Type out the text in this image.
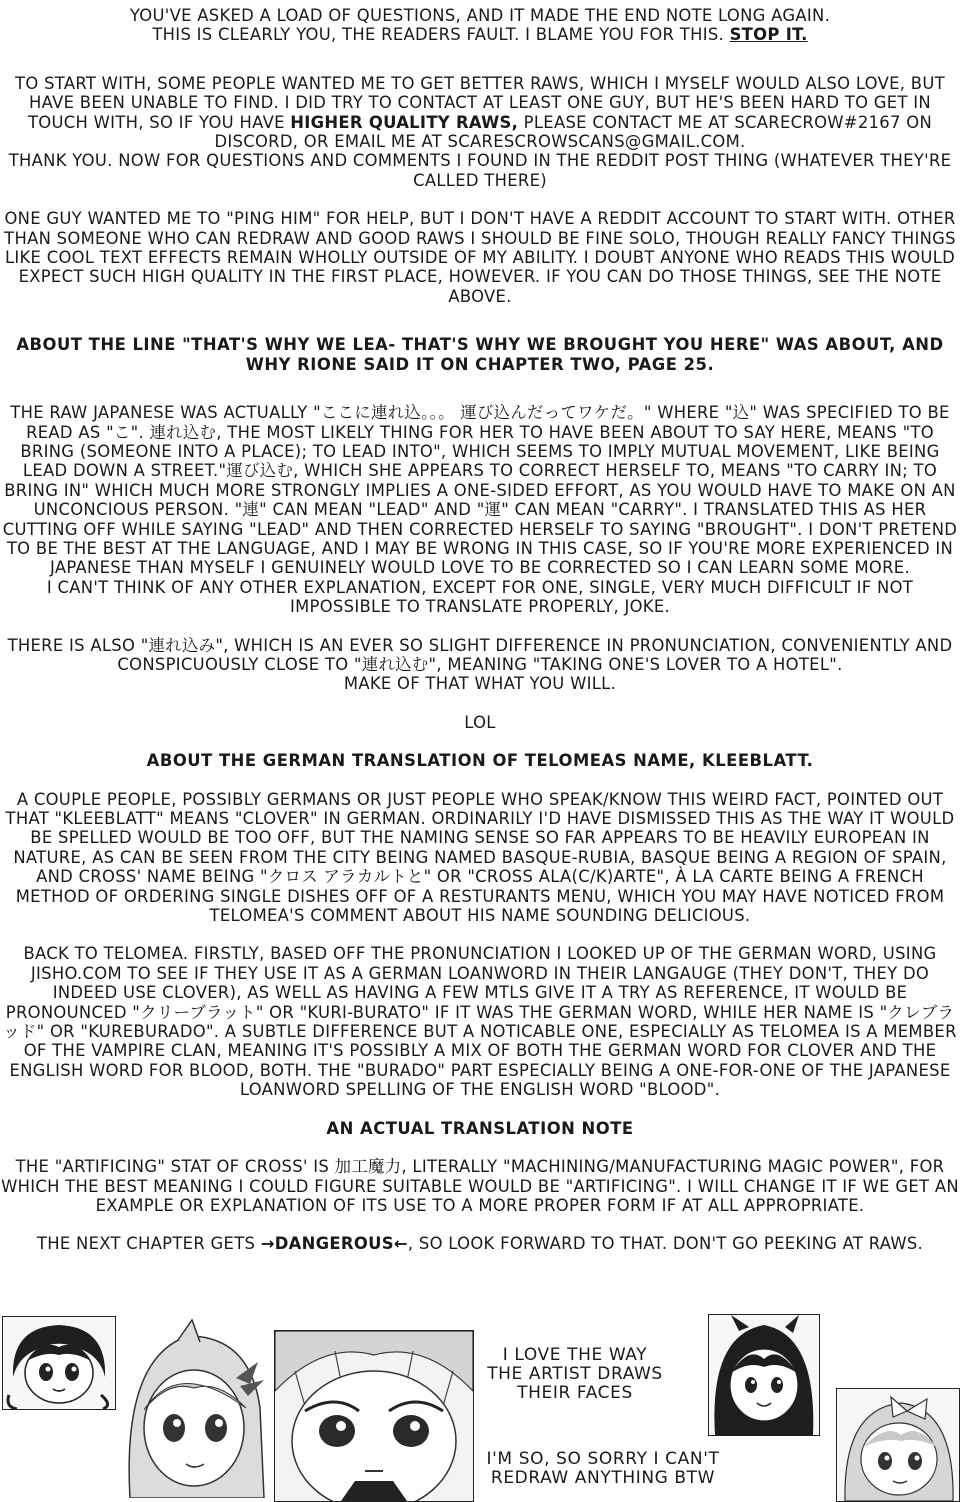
YOU'VE ASKED A LOAD OF QUESTIONS, AND IT MADE THE END NOTE LONG AGAIN.

THIS IS CLEARLY YOU, THE READERS FAULT. I BLAME YOU FOR THIS. STOP IT.

TO START WITH, SOME PEOPLE WANTED ME TO GET BETTER RAWS, WHICH I MYSELF WOULD ALSO LOVE, BUT HAVE BEEN UNABLE TO FIND. I DID TRY TO CONTACT AT LEAST ONE GUY, BUT HE'S BEEN HARD TO GET IN TOUCH WITH, SO IF YOU HAVE HIGHER QUALITY RAWS, PLEASE CONTACT ME AT SCARECROW#2167 ON DISCORD, OR EMAIL ME AT SCARESCROWSCANS@GMAIL.COM.

THANK YOU. NOW FOR QUESTIONS AND COMMENTS I FOUND IN THE REDDIT POST THING (WHATEVER THEY'RE CALLED THERE)

ONE GUY WANTED ME TO "PING HIM" FOR HELP, BUT I DON'T HAVE A REDDIT ACCOUNT TO START WITH. OTHER THAN SOMEONE WHO CAN REDRAW AND GOOD RAWS I SHOULD BE FINE SOLO, THOUGH REALLY FANCY THINGS LIKE COOL TEXT EFFECTS REMAIN WHOLLY OUTSIDE OF MY ABILITY. I DOUBT ANYONE WHO READS THIS WOULD EXPECT SUCH HIGH QUALITY IN THE FIRST PLACE, HOWEVER. IF YOU CAN DO THOSE THINGS, SEE THE NOTE ABOVE.

ABOUT THE LINE "THAT'S WHY WE LEA- THAT'S WHY WE BROUGHT YOU HERE" WAS ABOUT, AND WHY RIONE SAID IT ON CHAPTER TWO, PAGE 25.

THE RAW JAPANESE WAS ACTUALLY "ここに連れ込。。。 運び込んだってワケだ。" WHERE "込" WAS SPECIFIED TO BE READ AS "こ". 連れ込む, THE MOST LIKELY THING FOR HER TO HAVE BEEN ABOUT TO SAY HERE, MEANS "TO BRING (SOMEONE INTO A PLACE); TO LEAD INTO", WHICH SEEMS TO IMPLY MUTUAL MOVEMENT, LIKE BEING LEAD DOWN A STREET."運び込む, WHICH SHE APPEARS TO CORRECT HERSELF TO, MEANS "TO CARRY IN; TO BRING IN" WHICH MUCH MORE STRONGLY IMPLIES A ONE-SIDED EFFORT, AS YOU WOULD HAVE TO MAKE ON AN UNCONCIOUS PERSON. "連" CAN MEAN "LEAD" AND "運" CAN MEAN "CARRY". I TRANSLATED THIS AS HER CUTTING OFF WHILE SAYING "LEAD" AND THEN CORRECTED HERSELF TO SAYING "BROUGHT". I DON'T PRETEND TO BE THE BEST AT THE LANGUAGE, AND I MAY BE WRONG IN THIS CASE, SO IF YOU'RE MORE EXPERIENCED IN JAPANESE THAN MYSELF I GENUINELY WOULD LOVE TO BE CORRECTED SO I CAN LEARN SOME MORE.

I CAN'T THINK OF ANY OTHER EXPLANATION, EXCEPT FOR ONE, SINGLE, VERY MUCH DIFFICULT IF NOT IMPOSSIBLE TO TRANSLATE PROPERLY, JOKE.

THERE IS ALSO "連れ込み", WHICH IS AN EVER SO SLIGHT DIFFERENCE IN PRONUNCIATION, CONVENIENTLY AND CONSPICUOUSLY CLOSE TO "連れ込む", MEANING "TAKING ONE'S LOVER TO A HOTEL".

MAKE OF THAT WHAT YOU WILL.

LOL

ABOUT THE GERMAN TRANSLATION OF TELOMEAS NAME, KLEEBLATT.

A COUPLE PEOPLE, POSSIBLY GERMANS OR JUST PEOPLE WHO SPEAK/KNOW THIS WEIRD FACT, POINTED OUT THAT "KLEEBLATT" MEANS "CLOVER" IN GERMAN. ORDINARILY I'D HAVE DISMISSED THIS AS THE WAY IT WOULD BE SPELLED WOULD BE TOO OFF, BUT THE NAMING SENSE SO FAR APPEARS TO BE HEAVILY EUROPEAN IN NATURE, AS CAN BE SEEN FROM THE CITY BEING NAMED BASQUE-RUBIA, BASQUE BEING A REGION OF SPAIN, AND CROSS' NAME BEING "クロス アラカルトと" OR "CROSS ALA(C/K)ARTE", À LA CARTE BEING A FRENCH METHOD OF ORDERING SINGLE DISHES OFF OF A RESTURANTS MENU, WHICH YOU MAY HAVE NOTICED FROM TELOMEA'S COMMENT ABOUT HIS NAME SOUNDING DELICIOUS.

BACK TO TELOMEA. FIRSTLY, BASED OFF THE PRONUNCIATION I LOOKED UP OF THE GERMAN WORD, USING JISHO.COM TO SEE IF THEY USE IT AS A GERMAN LOANWORD IN THEIR LANGAUGE (THEY DON'T, THEY DO INDEED USE CLOVER), AS WELL AS HAVING A FEW MTLS GIVE IT A TRY AS REFERENCE, IT WOULD BE PRONOUNCED "クリーブラット" OR "KURI-BURATO" IF IT WAS THE GERMAN WORD, WHILE HER NAME IS "クレブラッド" OR "KUREBURADO". A SUBTLE DIFFERENCE BUT A NOTICABLE ONE, ESPECIALLY AS TELOMEA IS A MEMBER OF THE VAMPIRE CLAN, MEANING IT'S POSSIBLY A MIX OF BOTH THE GERMAN WORD FOR CLOVER AND THE ENGLISH WORD FOR BLOOD, BOTH. THE "BURADO" PART ESPECIALLY BEING A ONE-FOR-ONE OF THE JAPANESE LOANWORD SPELLING OF THE ENGLISH WORD "BLOOD".

AN ACTUAL TRANSLATION NOTE

THE "ARTIFICING" STAT OF CROSS' IS 加工魔力, LITERALLY "MACHINING/MANUFACTURING MAGIC POWER", FOR WHICH THE BEST MEANING I COULD FIGURE SUITABLE WOULD BE "ARTIFICING". I WILL CHANGE IT IF WE GET AN EXAMPLE OR EXPLANATION OF ITS USE TO A MORE PROPER FORM IF AT ALL APPROPRIATE.

THE NEXT CHAPTER GETS →DANGEROUS←, SO LOOK FORWARD TO THAT. DON'T GO PEEKING AT RAWS.

I LOVE THE WAY THE ARTIST DRAWS THEIR FACES
I'M SO, SO SORRY I CAN'T REDRAW ANYTHING BTW
